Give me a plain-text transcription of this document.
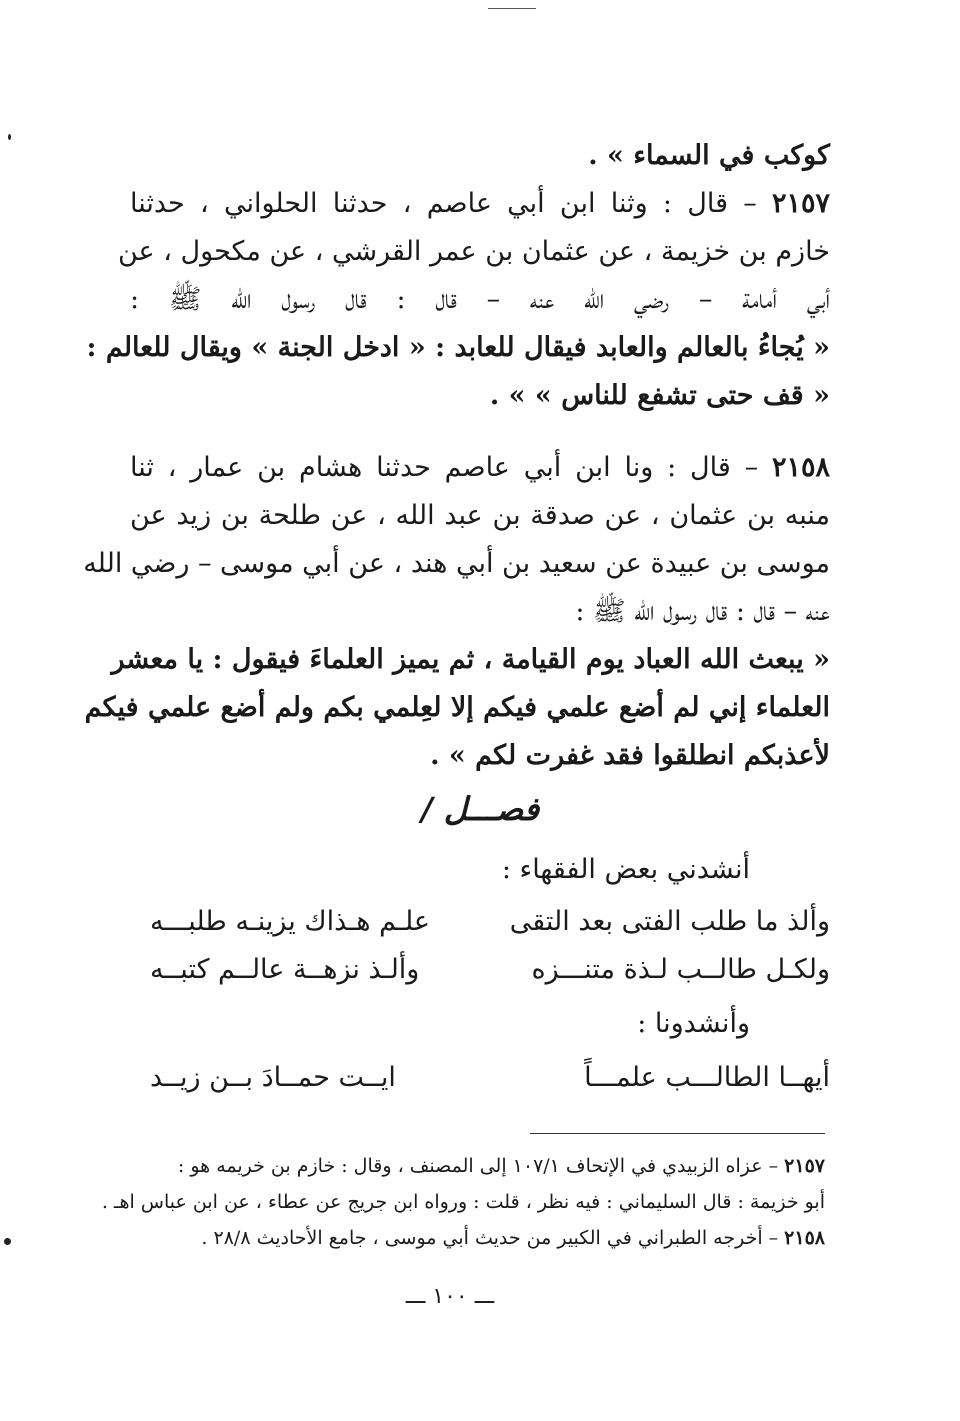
كوكب في السماء » .
٢١٥٧ – قال : وثنا ابن أبي عاصم ، حدثنا الحلواني ، حدثنا
خازم بن خزيمة ، عن عثمان بن عمر القرشي ، عن مكحول ، عن
أبي أمامة – رضي الله عنه – قال : قال رسول الله ﷺ :
« يُجاءُ بالعالم والعابد فيقال للعابد : « ادخل الجنة » ويقال للعالم :
« قف حتى تشفع للناس » » .
٢١٥٨ – قال : ونا ابن أبي عاصم حدثنا هشام بن عمار ، ثنا
منبه بن عثمان ، عن صدقة بن عبد الله ، عن طلحة بن زيد عن
موسى بن عبيدة عن سعيد بن أبي هند ، عن أبي موسى – رضي الله
عنه – قال : قال رسول الله ﷺ :
« يبعث الله العباد يوم القيامة ، ثم يميز العلماءَ فيقول : يا معشر
العلماء إني لم أضع علمي فيكم إلا لعِلمي بكم ولم أضع علمي فيكم
لأعذبكم انطلقوا فقد غفرت لكم » .
فصـــل /
أنشدني بعض الفقهاء :
وألذ ما طلب الفتى بعد التقى
علـم هـذاك يزينـه طلبـــه
ولكـل طالــب لـذة متنـــزه
وألـذ نزهــة عالــم كتبــه
وأنشدونا :
أيهــا الطالـــب علمـــاً
ايــت حمــادَ بــن زيــد
٢١٥٧ – عزاه الزبيدي في الإتحاف ١٠٧/١ إلى المصنف ، وقال : خازم بن خريمه هو :
أبو خزيمة : قال السليماني : فيه نظر ، قلت : ورواه ابن جريج عن عطاء ، عن ابن عباس اهـ .
٢١٥٨ – أخرجه الطبراني في الكبير من حديث أبي موسى ، جامع الأحاديث ٢٨/٨ .
ـــ ١٠٠ ـــ
